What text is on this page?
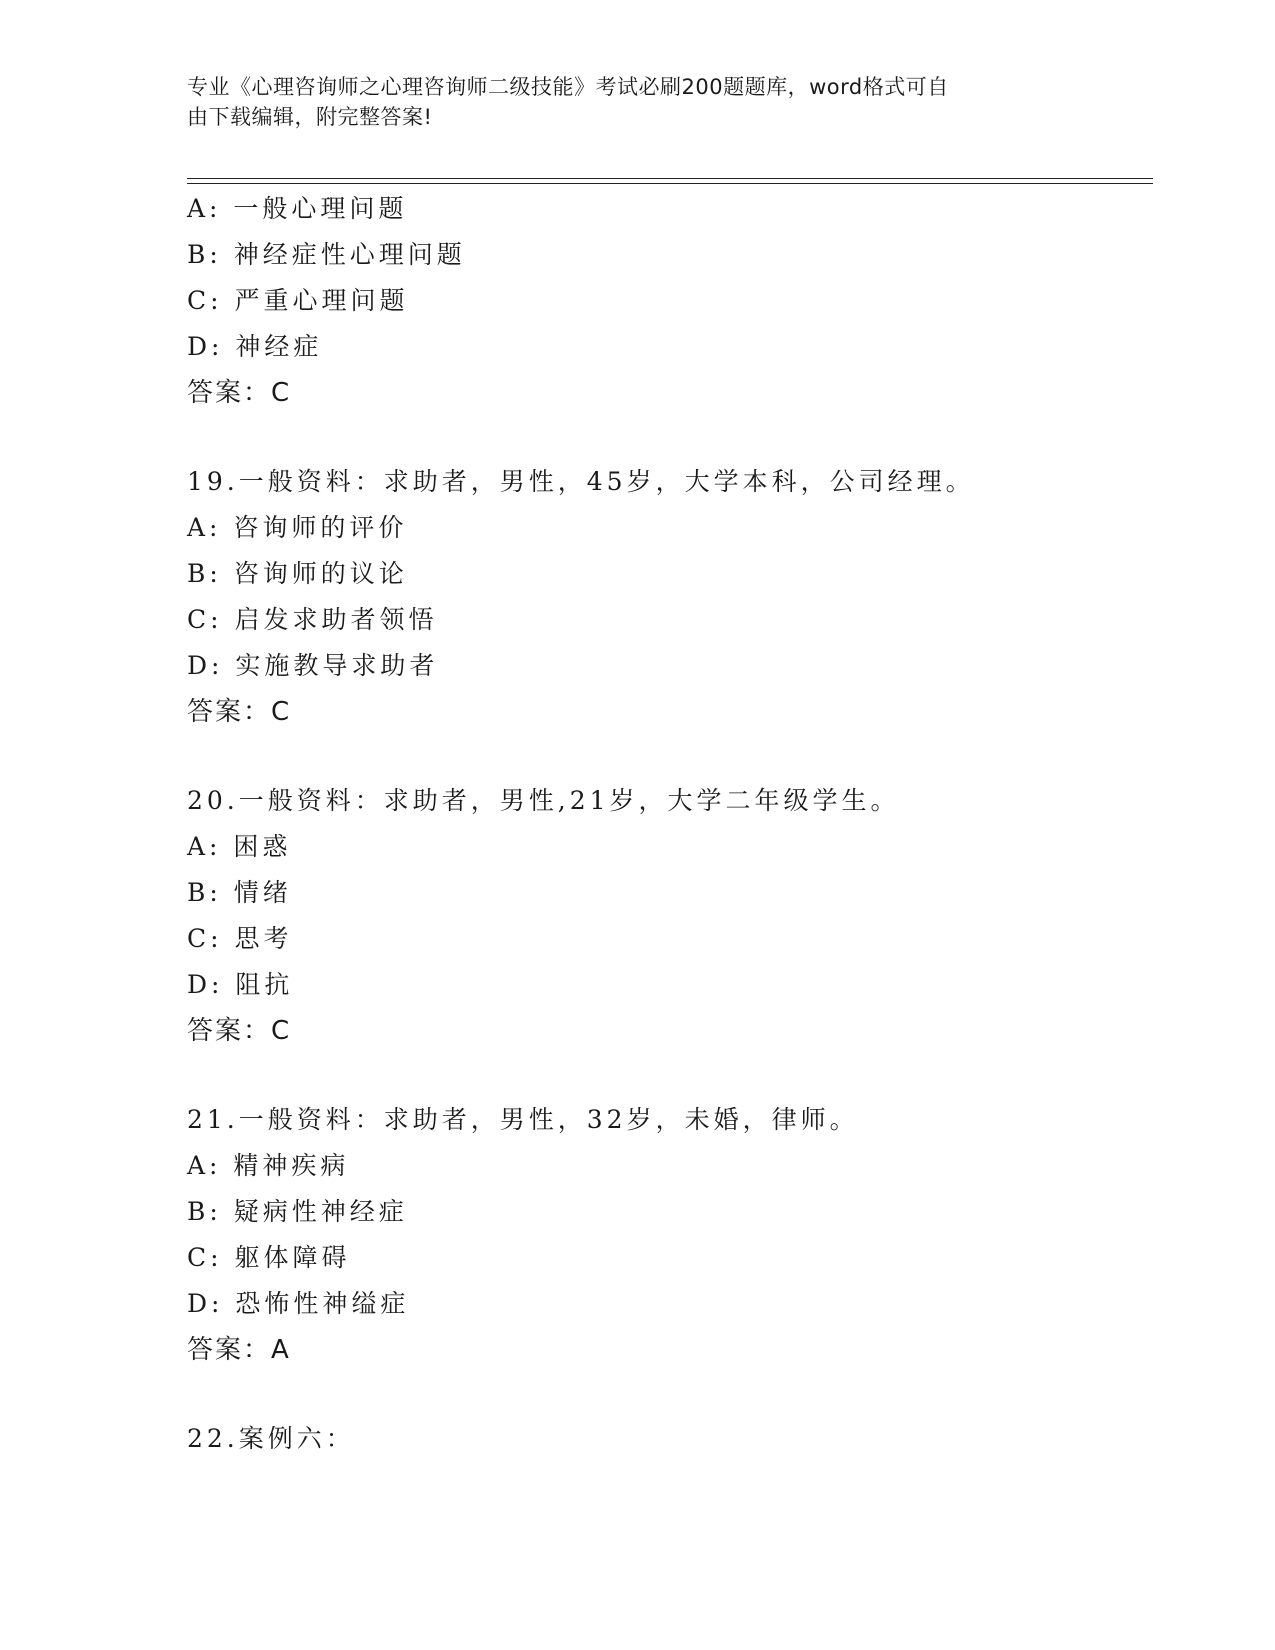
专业《心理咨询师之心理咨询师二级技能》考试必刷200题题库，word格式可自
由下载编辑，附完整答案!
A: 一般心理问题
B: 神经症性心理问题
C: 严重心理问题
D: 神经症
答案：C
19.一般资料：求助者，男性，45岁，大学本科，公司经理。
A: 咨询师的评价
B: 咨询师的议论
C: 启发求助者领悟
D: 实施教导求助者
答案：C
20.一般资料：求助者，男性,21岁，大学二年级学生。
A: 困惑
B: 情绪
C: 思考
D: 阻抗
答案：C
21.一般资料：求助者，男性，32岁，未婚，律师。
A: 精神疾病
B: 疑病性神经症
C: 躯体障碍
D: 恐怖性神缢症
答案：A
22.案例六：
